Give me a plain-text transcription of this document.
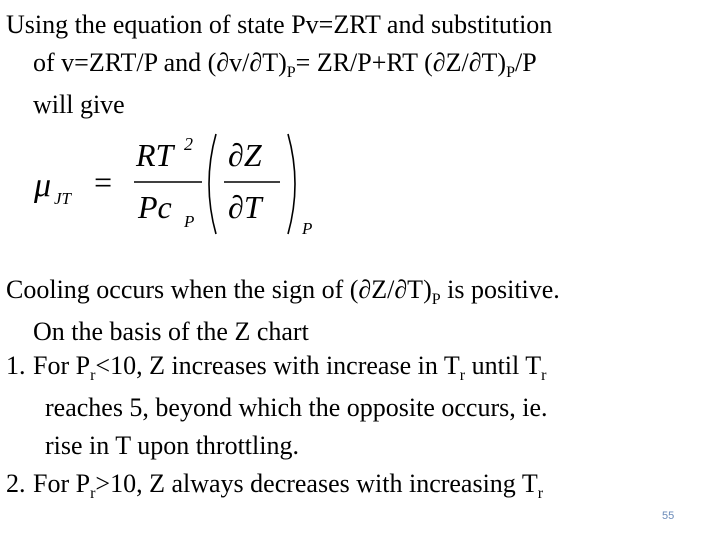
Using the equation of state Pv=ZRT and substitution
of v=ZRT/P and $(\partial v/\partial T)_P= ZR/P+RT$ $(\partial Z/\partial T)_P/P$
will give

μ JT =
RT 2
Pc P
∂Z
∂T
P

Cooling occurs when the sign of $(\partial Z/\partial T)_P$ is positive.
On the basis of the Z chart

1. For $P_r<10$, Z increases with increase in $T_r$ until $T_r$
reaches 5, beyond which the opposite occurs, ie.
rise in T upon throttling.
2. For $P_r>10$, Z always decreases with increasing $T_r$
55
